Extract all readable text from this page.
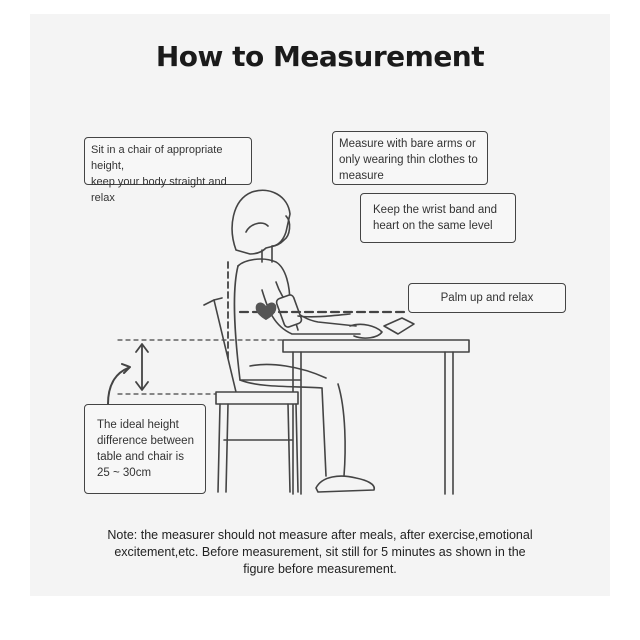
How to Measurement
Sit in a chair of appropriate height,
keep your body straight and relax
Measure with bare arms or
only wearing thin clothes to
measure
Keep the wrist band and
heart on the same level
Palm up and relax
The ideal height
difference between
table and chair is
25 ~ 30cm
Note: the measurer should not measure after meals, after exercise,emotional
excitement,etc. Before measurement, sit still for 5 minutes as shown in the
figure before measurement.
